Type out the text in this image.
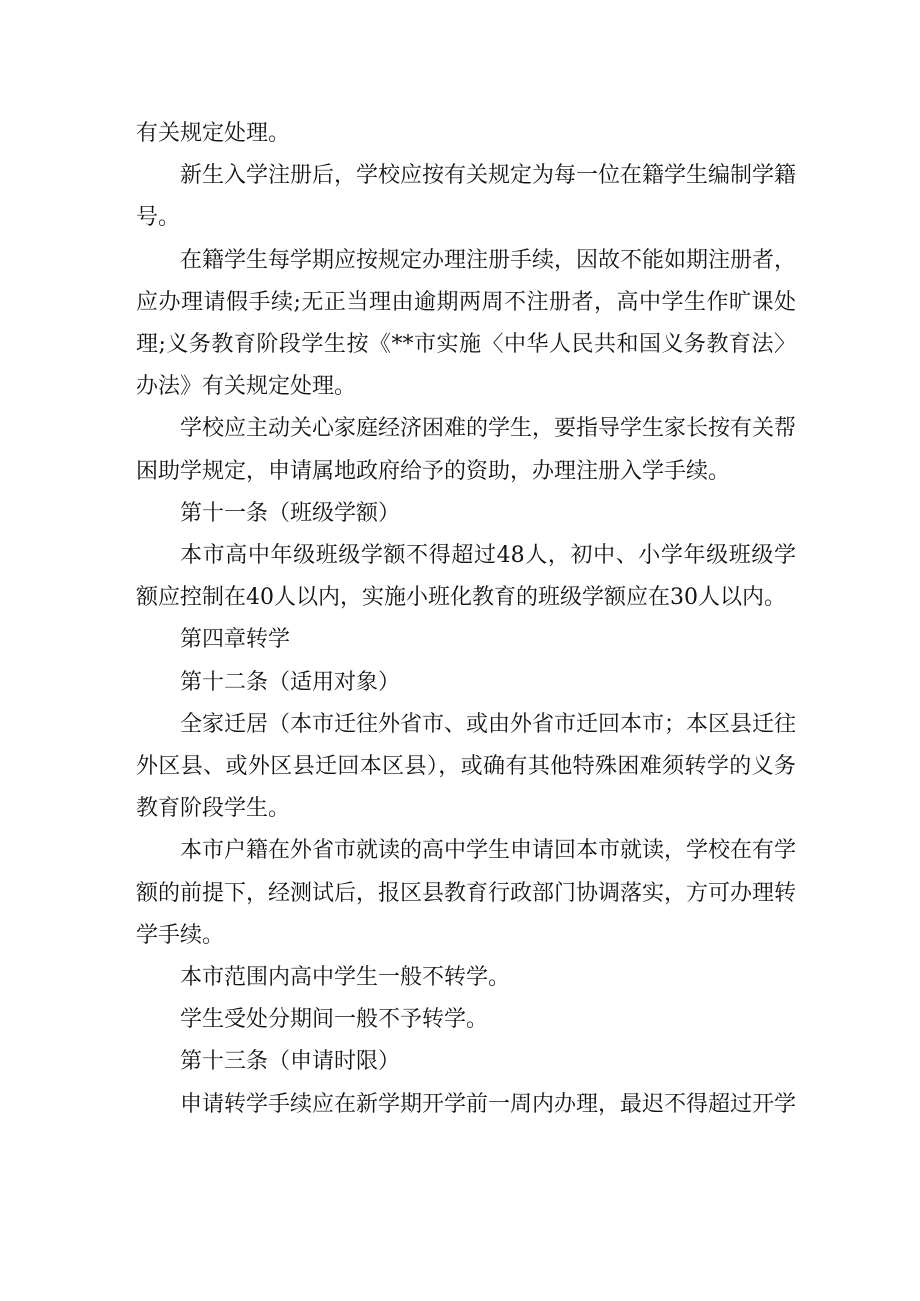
有关规定处理。

新生入学注册后，学校应按有关规定为每一位在籍学生编制学籍号。

在籍学生每学期应按规定办理注册手续，因故不能如期注册者，应办理请假手续;无正当理由逾期两周不注册者，高中学生作旷课处理;义务教育阶段学生按《**市实施〈中华人民共和国义务教育法〉办法》有关规定处理。

学校应主动关心家庭经济困难的学生，要指导学生家长按有关帮困助学规定，申请属地政府给予的资助，办理注册入学手续。

第十一条（班级学额）

本市高中年级班级学额不得超过48人，初中、小学年级班级学额应控制在40人以内，实施小班化教育的班级学额应在30人以内。

第四章转学

第十二条（适用对象）

全家迁居（本市迁往外省市、或由外省市迁回本市；本区县迁往外区县、或外区县迁回本区县），或确有其他特殊困难须转学的义务教育阶段学生。

本市户籍在外省市就读的高中学生申请回本市就读，学校在有学额的前提下，经测试后，报区县教育行政部门协调落实，方可办理转学手续。

本市范围内高中学生一般不转学。

学生受处分期间一般不予转学。

第十三条（申请时限）

申请转学手续应在新学期开学前一周内办理，最迟不得超过开学
